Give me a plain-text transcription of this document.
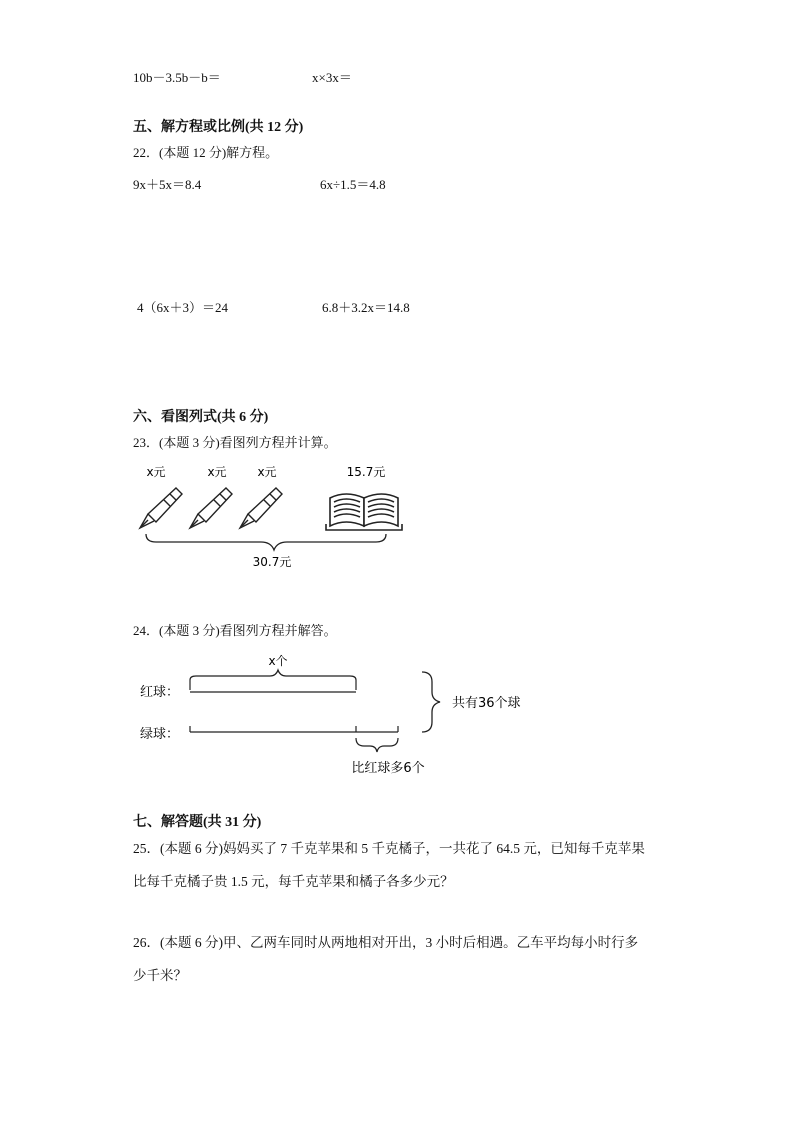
10b－3.5b－b＝	x×3x＝
五、解方程或比例(共 12 分)
22．(本题 12 分)解方程。
9x＋5x＝8.4	6x÷1.5＝4.8
4（6x＋3）＝24	6.8＋3.2x＝14.8
六、看图列式(共 6 分)
23．(本题 3 分)看图列方程并计算。
x元	x元	x元	15.7元
30.7元
24．(本题 3 分)看图列方程并解答。
x个
红球：
绿球：
比红球多6个
共有36个球
七、解答题(共 31 分)
25．(本题 6 分)妈妈买了 7 千克苹果和 5 千克橘子，一共花了 64.5 元，已知每千克苹果
比每千克橘子贵 1.5 元，每千克苹果和橘子各多少元？
26．(本题 6 分)甲、乙两车同时从两地相对开出，3 小时后相遇。乙车平均每小时行多
少千米？
